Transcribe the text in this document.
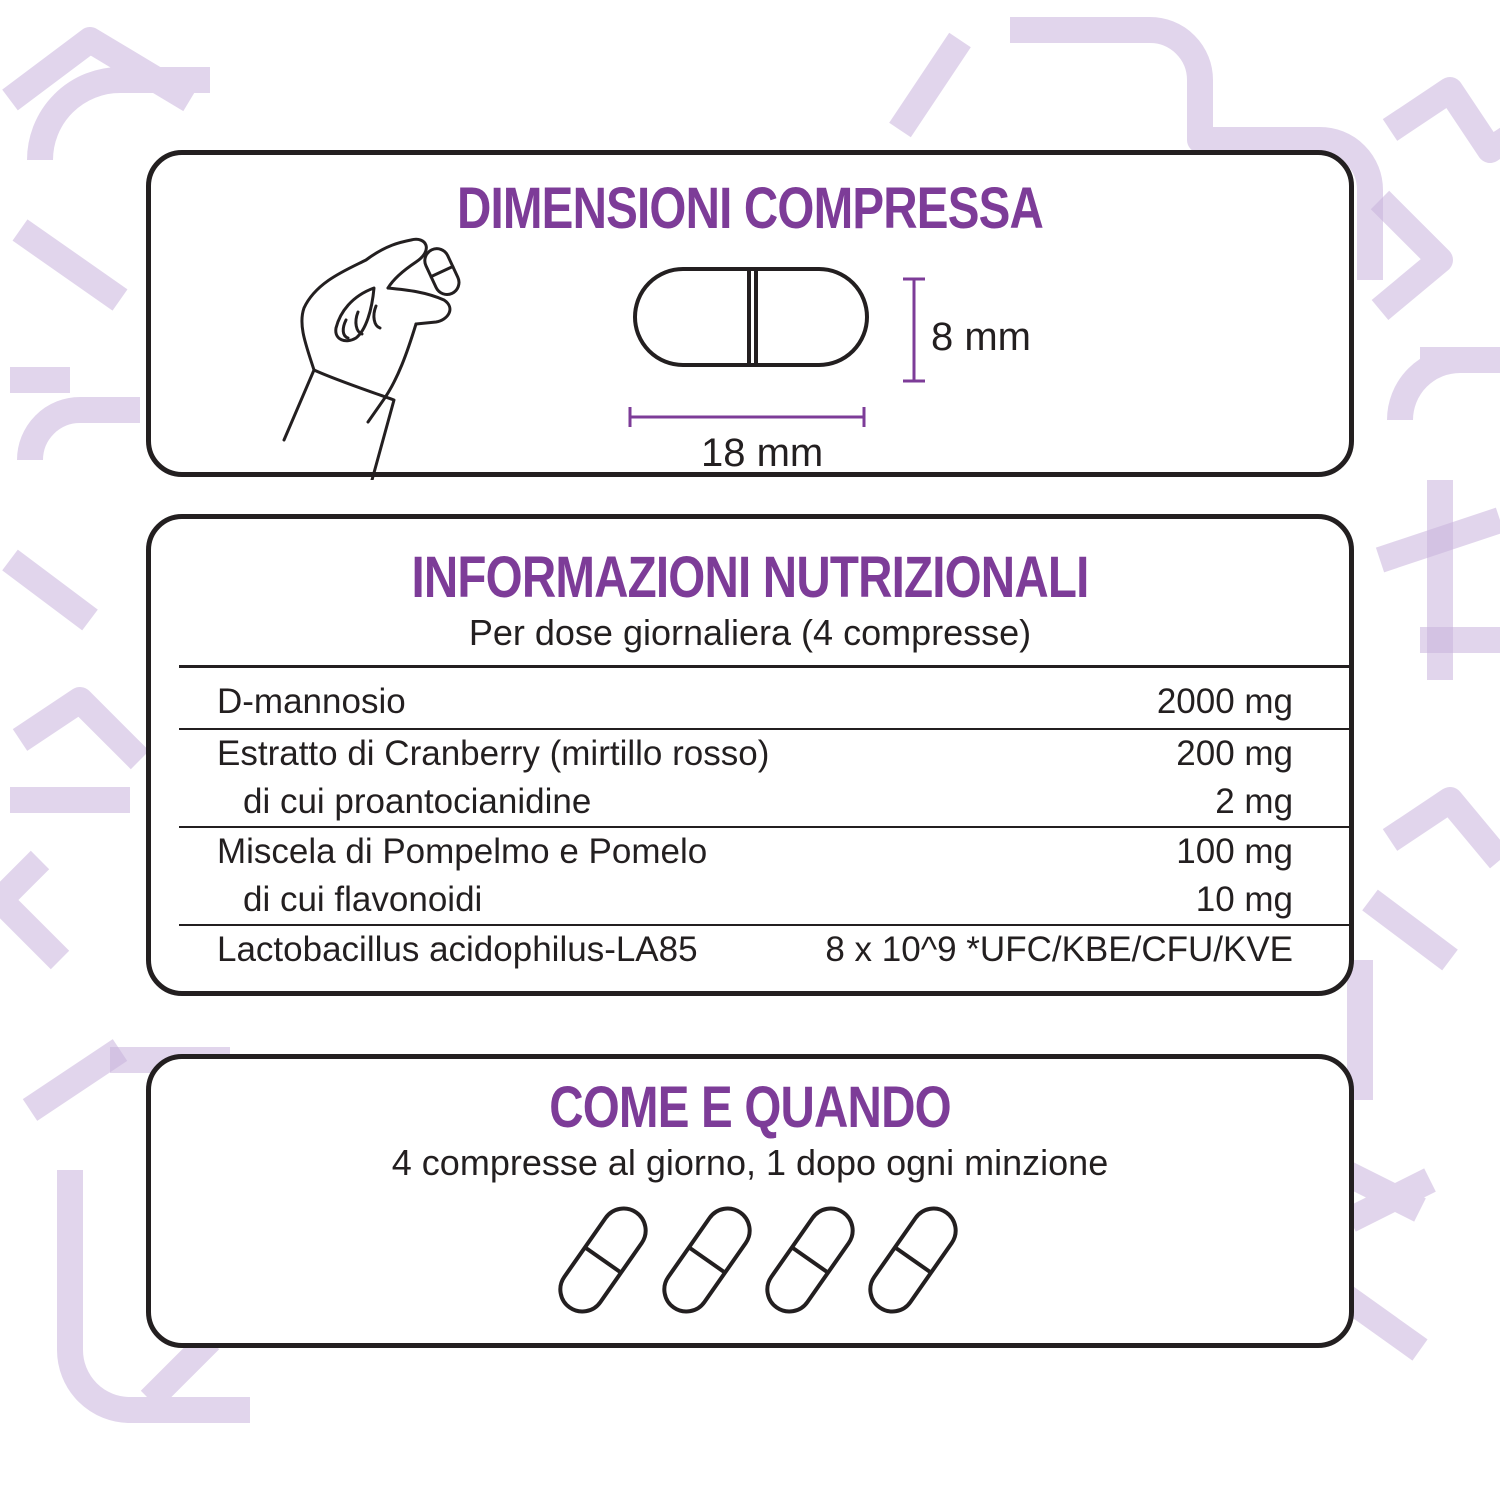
DIMENSIONI COMPRESSA
8 mm
18 mm
INFORMAZIONI NUTRIZIONALI
Per dose giornaliera (4 compresse)
D-mannosio	2000 mg
Estratto di Cranberry (mirtillo rosso)	200 mg
di cui proantocianidine	2 mg
Miscela di Pompelmo e Pomelo	100 mg
di cui flavonoidi	10 mg
Lactobacillus acidophilus-LA85	8 x 10^9 *UFC/KBE/CFU/KVE
COME E QUANDO
4 compresse al giorno, 1 dopo ogni minzione
